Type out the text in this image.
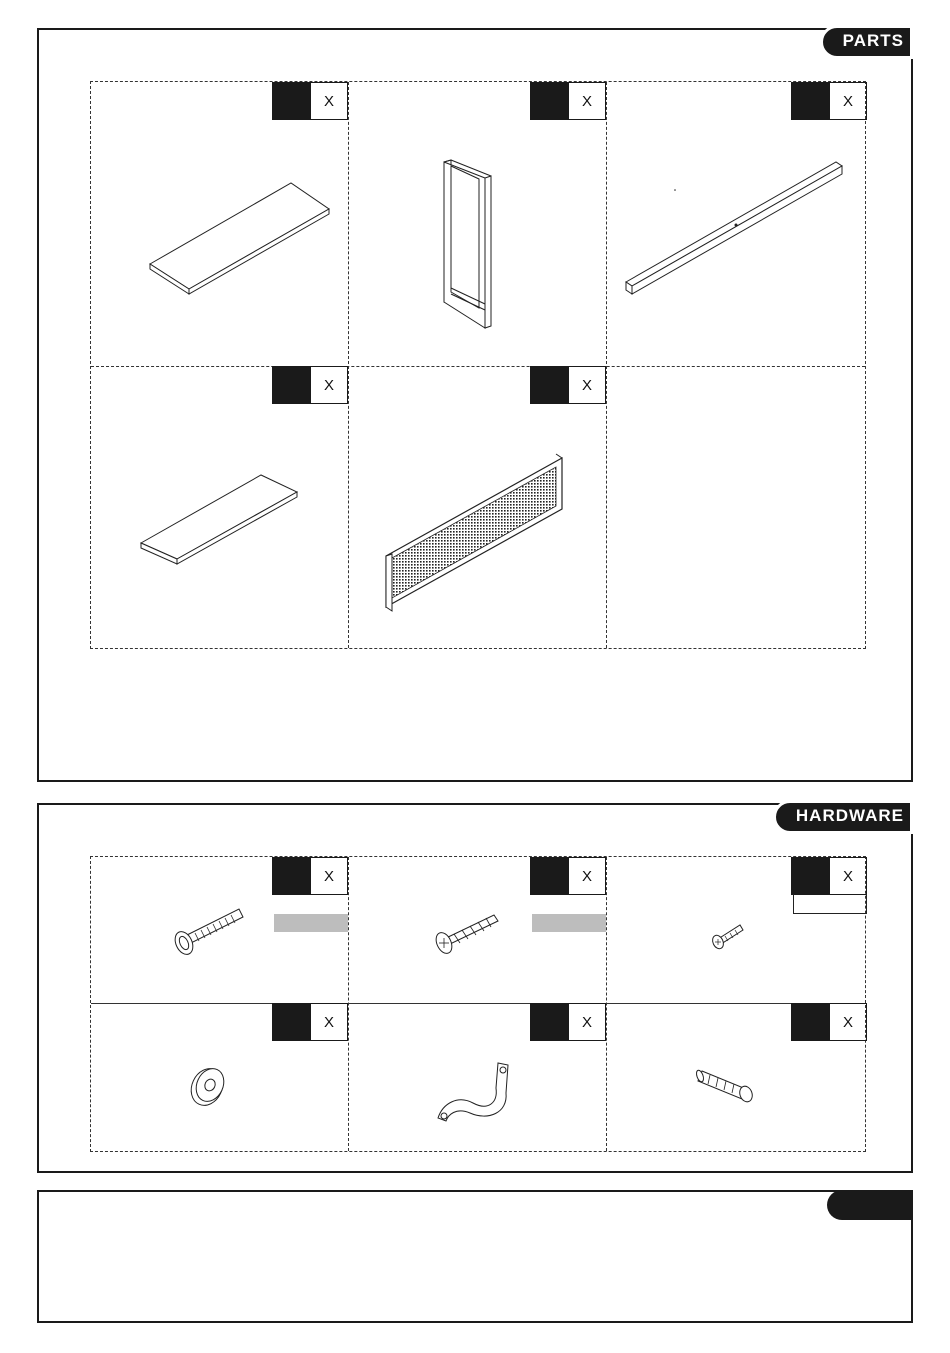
PARTS
X	X	X
X	X
HARDWARE
X	X	X
X	X	X
